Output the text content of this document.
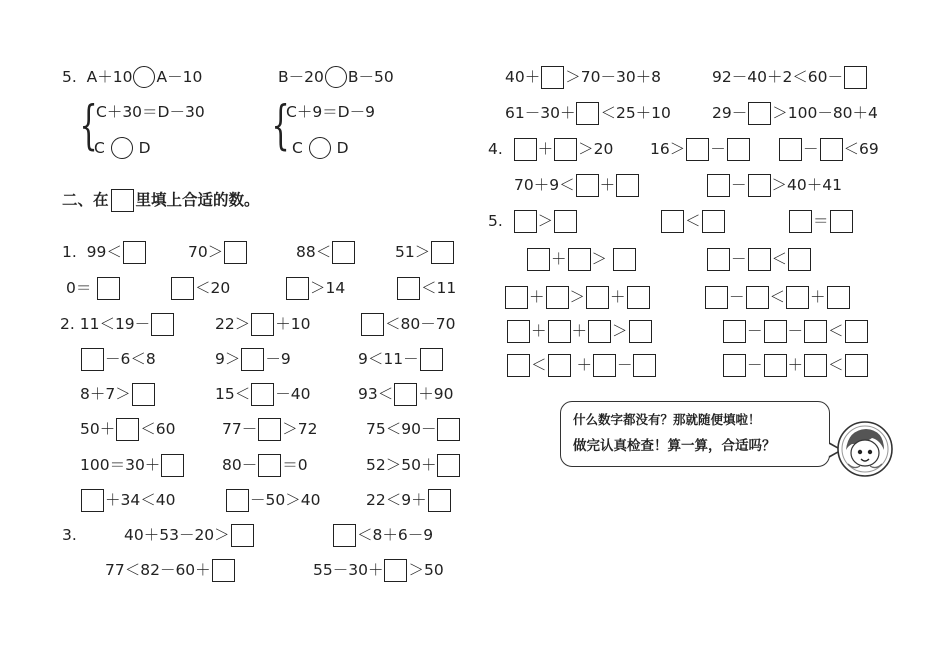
{	{
二、在 里填上合适的数。
5. A＋10 A－10	B－20 B－50
C＋30＝D－30
C D
C＋9＝D－9
C D
1.  99＜	70＞	88＜	51＞
0＝	＜20	＞14	＜11
2. 11＜19－	22＞ ＋10	＜80－70
－6＜8	9＞ －9	9＜11－
8＋7＞	15＜ －40	93＜ ＋90
50＋ ＜60	77－ ＞72	75＜90－
100＝30＋	80－ ＝0	52＞50＋
＋34＜40	－50＞40	22＜9＋
3.	40＋53－20＞	＜8＋6－9
77＜82－60＋	55－30＋ ＞50
40＋ ＞70－30＋8	92－40＋2＜60－
61－30＋ ＜25＋10	29－ ＞100－80＋4
4. ＋ ＞20 16＞ －	－ ＜69
70＋9＜ ＋	－ ＞40＋41
5. ＞	＜	＝
＋ ＞	－ ＜
＋ ＞ ＋	－ ＜ ＋
＋ ＋ ＞	－ － ＜
＜ ＋ －	－ ＋ ＜
什么数字都没有？那就随便填啦！
做完认真检查！算一算，合适吗？
